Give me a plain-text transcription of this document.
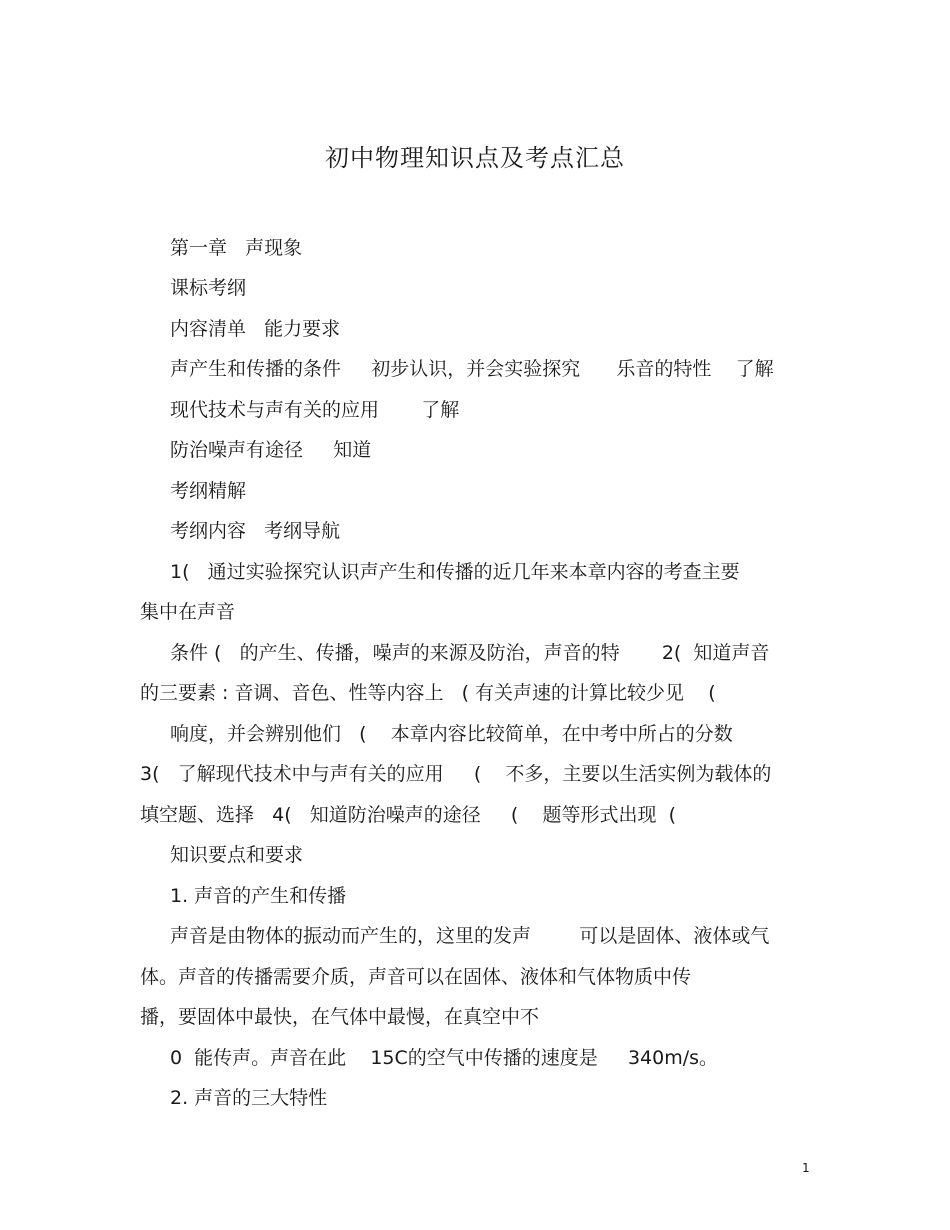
初中物理知识点及考点汇总
第一章   声现象
课标考纲
内容清单   能力要求
声产生和传播的条件     初步认识，并会实验探究      乐音的特性    了解
现代技术与声有关的应用       了解
防治噪声有途径     知道
考纲精解
考纲内容   考纲导航
1(   通过实验探究认识声产生和传播的近几年来本章内容的考查主要
集中在声音
条件 (   的产生、传播，噪声的来源及防治，声音的特       2(  知道声音
的三要素 : 音调、音色、性等内容上   ( 有关声速的计算比较少见    (
响度，并会辨别他们   (    本章内容比较简单，在中考中所占的分数
3(   了解现代技术中与声有关的应用     (    不多，主要以生活实例为载体的
填空题、选择   4(   知道防治噪声的途径     (    题等形式出现  (
知识要点和要求
1. 声音的产生和传播
声音是由物体的振动而产生的，这里的发声        可以是固体、液体或气
体。声音的传播需要介质，声音可以在固体、液体和气体物质中传
播，要固体中最快，在气体中最慢，在真空中不
0  能传声。声音在此    15C的空气中传播的速度是     340m/s。
2. 声音的三大特性
1
